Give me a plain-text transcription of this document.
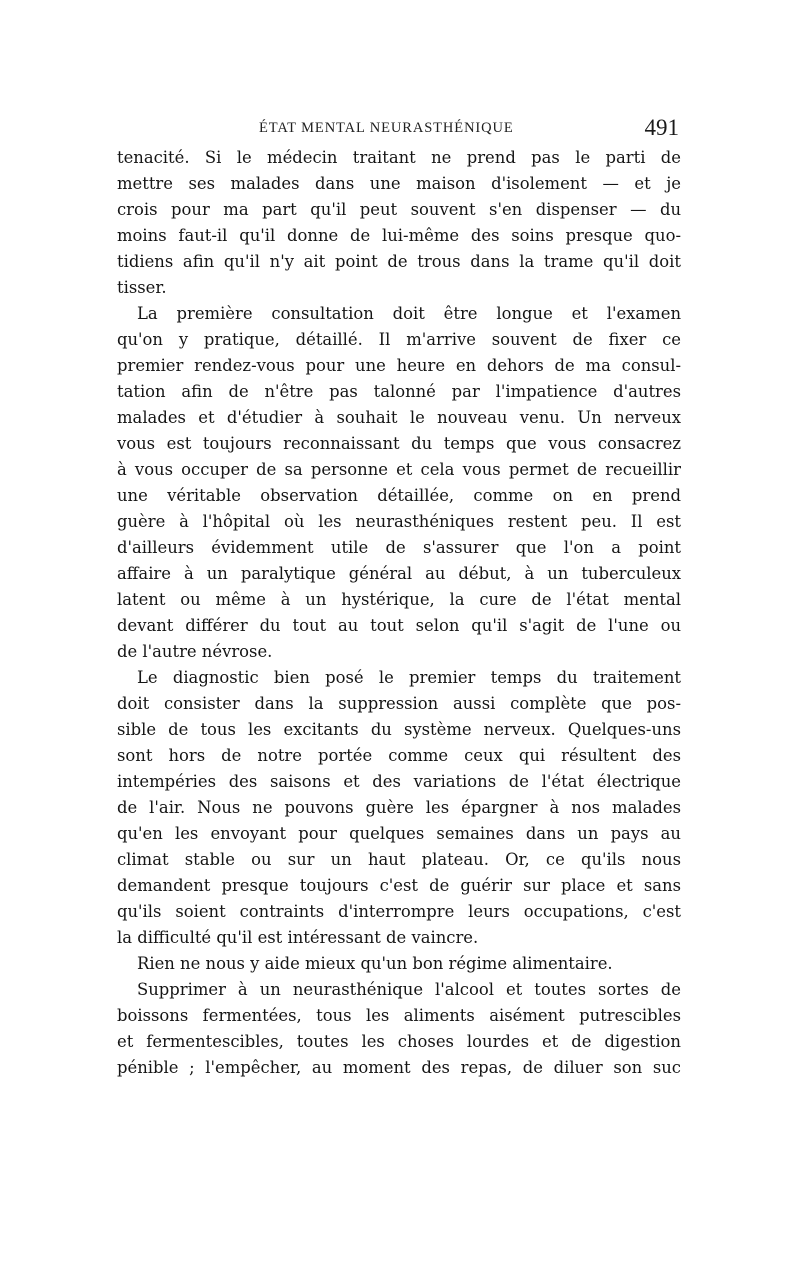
ÉTAT MENTAL NEURASTHÉNIQUE	491
tenacité. Si le médecin traitant ne prend pas le parti de
mettre ses malades dans une maison d'isolement — et je
crois pour ma part qu'il peut souvent s'en dispenser — du
moins faut-il qu'il donne de lui-même des soins presque quo-
tidiens afin qu'il n'y ait point de trous dans la trame qu'il doit
tisser.
La première consultation doit être longue et l'examen
qu'on y pratique, détaillé. Il m'arrive souvent de fixer ce
premier rendez-vous pour une heure en dehors de ma consul-
tation afin de n'être pas talonné par l'impatience d'autres
malades et d'étudier à souhait le nouveau venu. Un nerveux
vous est toujours reconnaissant du temps que vous consacrez
à vous occuper de sa personne et cela vous permet de recueillir
une véritable observation détaillée, comme on en prend
guère à l'hôpital où les neurasthéniques restent peu. Il est
d'ailleurs évidemment utile de s'assurer que l'on a point
affaire à un paralytique général au début, à un tuberculeux
latent ou même à un hystérique, la cure de l'état mental
devant différer du tout au tout selon qu'il s'agit de l'une ou
de l'autre névrose.
Le diagnostic bien posé le premier temps du traitement
doit consister dans la suppression aussi complète que pos-
sible de tous les excitants du système nerveux. Quelques-uns
sont hors de notre portée comme ceux qui résultent des
intempéries des saisons et des variations de l'état électrique
de l'air. Nous ne pouvons guère les épargner à nos malades
qu'en les envoyant pour quelques semaines dans un pays au
climat stable ou sur un haut plateau. Or, ce qu'ils nous
demandent presque toujours c'est de guérir sur place et sans
qu'ils soient contraints d'interrompre leurs occupations, c'est
la difficulté qu'il est intéressant de vaincre.
Rien ne nous y aide mieux qu'un bon régime alimentaire.
Supprimer à un neurasthénique l'alcool et toutes sortes de
boissons fermentées, tous les aliments aisément putrescibles
et fermentescibles, toutes les choses lourdes et de digestion
pénible ; l'empêcher, au moment des repas, de diluer son suc
